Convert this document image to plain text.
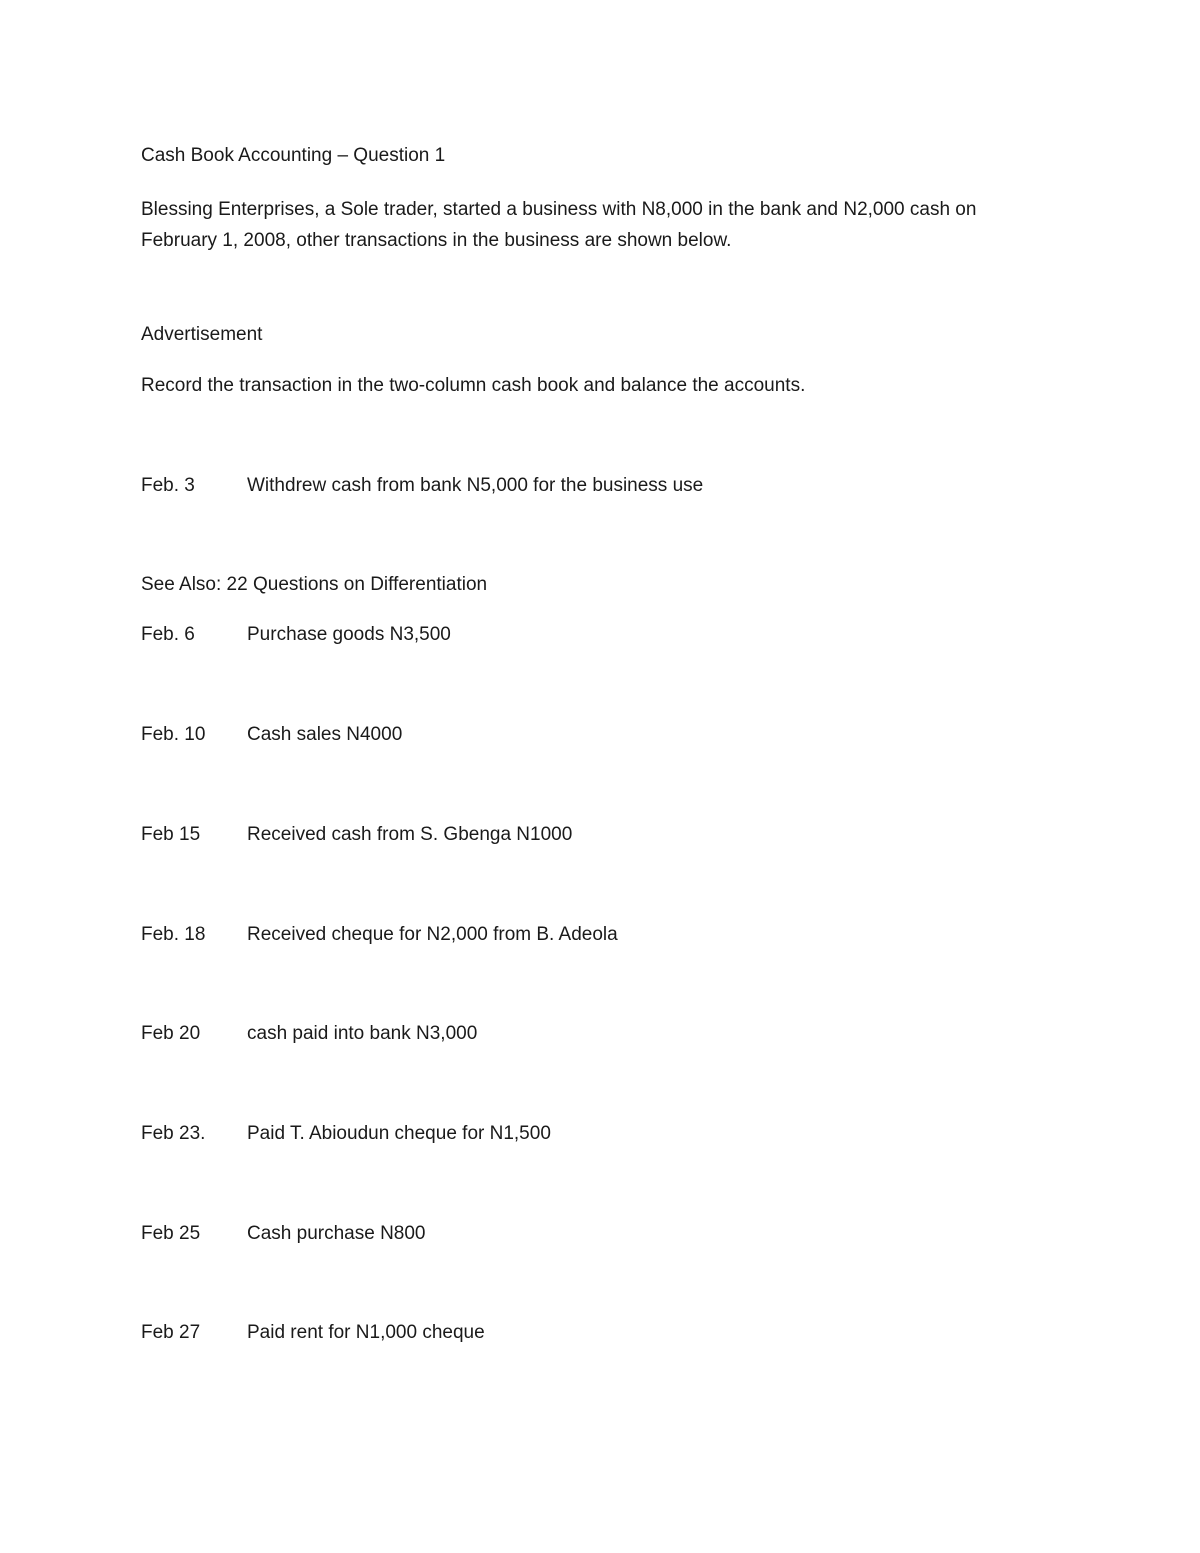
Cash Book Accounting – Question 1
Blessing Enterprises, a Sole trader, started a business with N8,000 in the bank and N2,000 cash on February 1, 2008, other transactions in the business are shown below.
Advertisement
Record the transaction in the two-column cash book and balance the accounts.
Feb. 3	Withdrew cash from bank N5,000 for the business use
See Also: 22 Questions on Differentiation
Feb. 6	Purchase goods N3,500
Feb. 10 Cash sales N4000
Feb 15 Received cash from S. Gbenga N1000
Feb. 18 Received cheque for N2,000 from B. Adeola
Feb 20 cash paid into bank N3,000
Feb 23. Paid T. Abioudun cheque for N1,500
Feb 25 Cash purchase N800
Feb 27 Paid rent for N1,000 cheque
